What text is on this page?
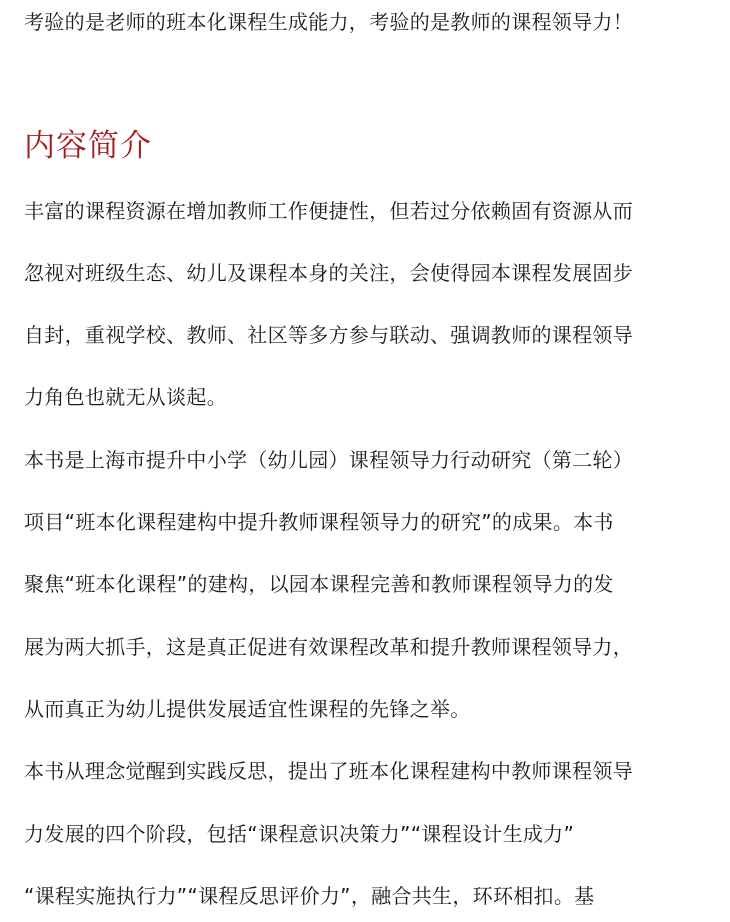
考验的是老师的班本化课程生成能力，考验的是教师的课程领导力！
内容简介
丰富的课程资源在增加教师工作便捷性，但若过分依赖固有资源从而
忽视对班级生态、幼儿及课程本身的关注，会使得园本课程发展固步
自封，重视学校、教师、社区等多方参与联动、强调教师的课程领导
力角色也就无从谈起。
本书是上海市提升中小学（幼儿园）课程领导力行动研究（第二轮）
项目“班本化课程建构中提升教师课程领导力的研究”的成果。本书
聚焦“班本化课程”的建构，以园本课程完善和教师课程领导力的发
展为两大抓手，这是真正促进有效课程改革和提升教师课程领导力，
从而真正为幼儿提供发展适宜性课程的先锋之举。
本书从理念觉醒到实践反思，提出了班本化课程建构中教师课程领导
力发展的四个阶段，包括“课程意识决策力”“课程设计生成力”
“课程实施执行力”“课程反思评价力”，融合共生，环环相扣。基
